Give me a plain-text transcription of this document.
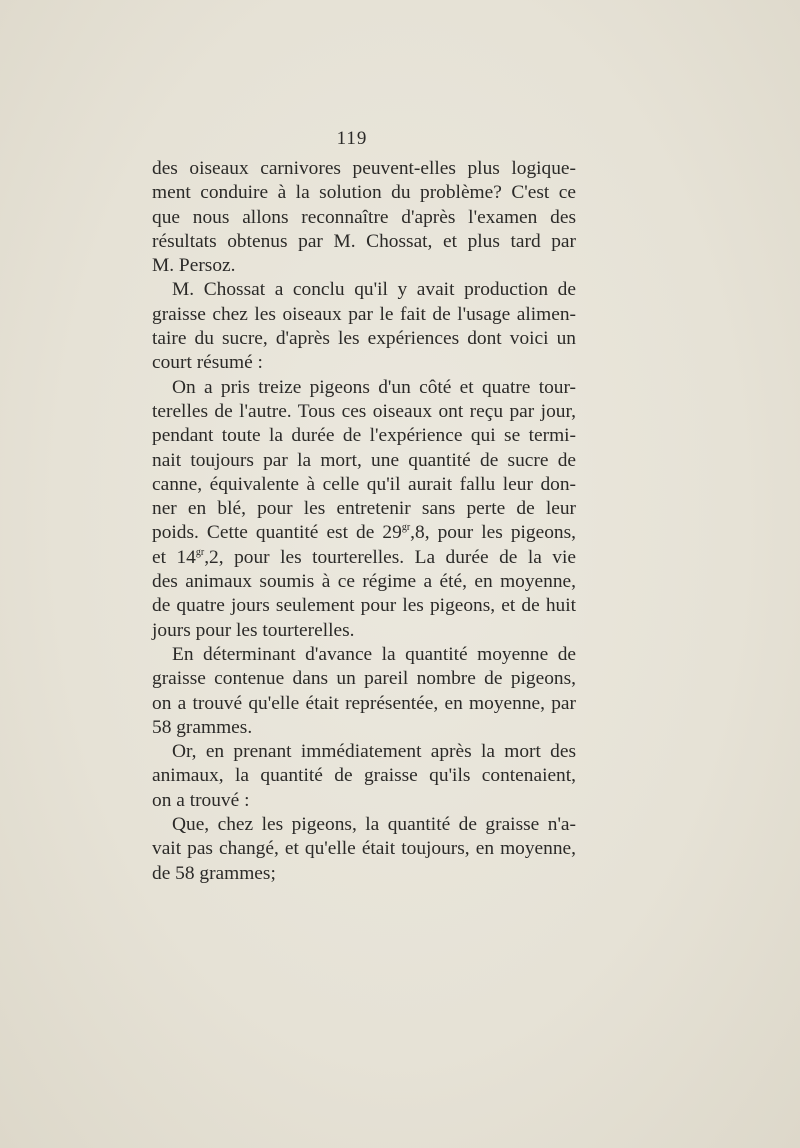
119
des oiseaux carnivores peuvent-elles plus logique-
ment conduire à la solution du problème? C'est ce
que nous allons reconnaître d'après l'examen des
résultats obtenus par M. Chossat, et plus tard par
M. Persoz.
M. Chossat a conclu qu'il y avait production de
graisse chez les oiseaux par le fait de l'usage alimen-
taire du sucre, d'après les expériences dont voici un
court résumé :
On a pris treize pigeons d'un côté et quatre tour-
terelles de l'autre. Tous ces oiseaux ont reçu par jour,
pendant toute la durée de l'expérience qui se termi-
nait toujours par la mort, une quantité de sucre de
canne, équivalente à celle qu'il aurait fallu leur don-
ner en blé, pour les entretenir sans perte de leur
poids. Cette quantité est de $29^{gr},8$, pour les pigeons,
et $14^{gr},2$, pour les tourterelles. La durée de la vie
des animaux soumis à ce régime a été, en moyenne,
de quatre jours seulement pour les pigeons, et de huit
jours pour les tourterelles.
En déterminant d'avance la quantité moyenne de
graisse contenue dans un pareil nombre de pigeons,
on a trouvé qu'elle était représentée, en moyenne, par
58 grammes.
Or, en prenant immédiatement après la mort des
animaux, la quantité de graisse qu'ils contenaient,
on a trouvé :
Que, chez les pigeons, la quantité de graisse n'a-
vait pas changé, et qu'elle était toujours, en moyenne,
de 58 grammes;
